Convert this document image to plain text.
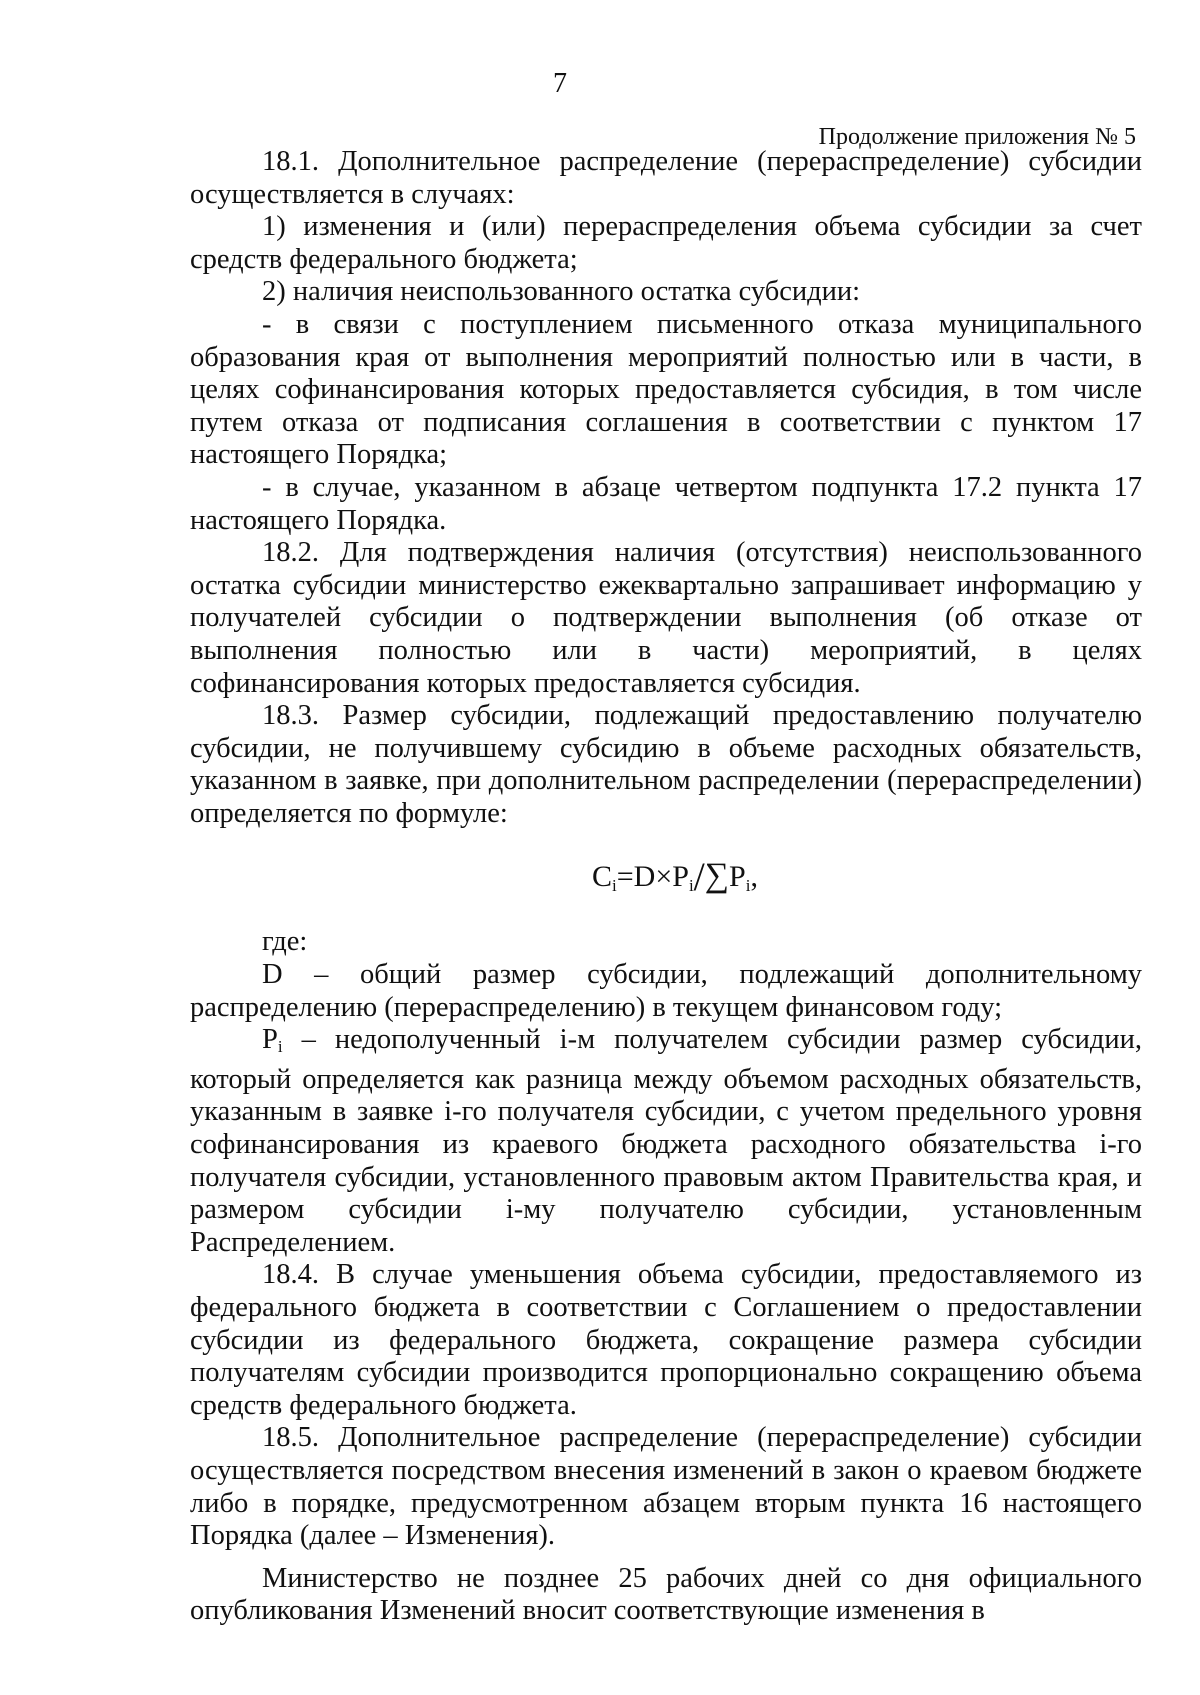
7
Продолжение приложения № 5

18.1. Дополнительное распределение (перераспределение) субсидии осуществляется в случаях:

1) изменения и (или) перераспределения объема субсидии за счет средств федерального бюджета;

2) наличия неиспользованного остатка субсидии:

- в связи с поступлением письменного отказа муниципального образования края от выполнения мероприятий полностью или в части, в целях софинансирования которых предоставляется субсидия, в том числе путем отказа от подписания соглашения в соответствии с пунктом 17 настоящего Порядка;

- в случае, указанном в абзаце четвертом подпункта 17.2 пункта 17 настоящего Порядка.

18.2. Для подтверждения наличия (отсутствия) неиспользованного остатка субсидии министерство ежеквартально запрашивает информацию у получателей субсидии о подтверждении выполнения (об отказе от выполнения полностью или в части) мероприятий, в целях софинансирования которых предоставляется субсидия.

18.3. Размер субсидии, подлежащий предоставлению получателю субсидии, не получившему субсидию в объеме расходных обязательств, указанном в заявке, при дополнительном распределении (перераспределении) определяется по формуле:

$C_i=D\times P_i/\sum P_i$,

где:

D – общий размер субсидии, подлежащий дополнительному распределению (перераспределению) в текущем финансовом году;

$P_i$ – недополученный i-м получателем субсидии размер субсидии, который определяется как разница между объемом расходных обязательств, указанным в заявке i-го получателя субсидии, с учетом предельного уровня софинансирования из краевого бюджета расходного обязательства i-го получателя субсидии, установленного правовым актом Правительства края, и размером субсидии i-му получателю субсидии, установленным Распределением.

18.4. В случае уменьшения объема субсидии, предоставляемого из федерального бюджета в соответствии с Соглашением о предоставлении субсидии из федерального бюджета, сокращение размера субсидии получателям субсидии производится пропорционально сокращению объема средств федерального бюджета.

18.5. Дополнительное распределение (перераспределение) субсидии осуществляется посредством внесения изменений в закон о краевом бюджете либо в порядке, предусмотренном абзацем вторым пункта 16 настоящего Порядка (далее – Изменения).

Министерство не позднее 25 рабочих дней со дня официального опубликования Изменений вносит соответствующие изменения в
